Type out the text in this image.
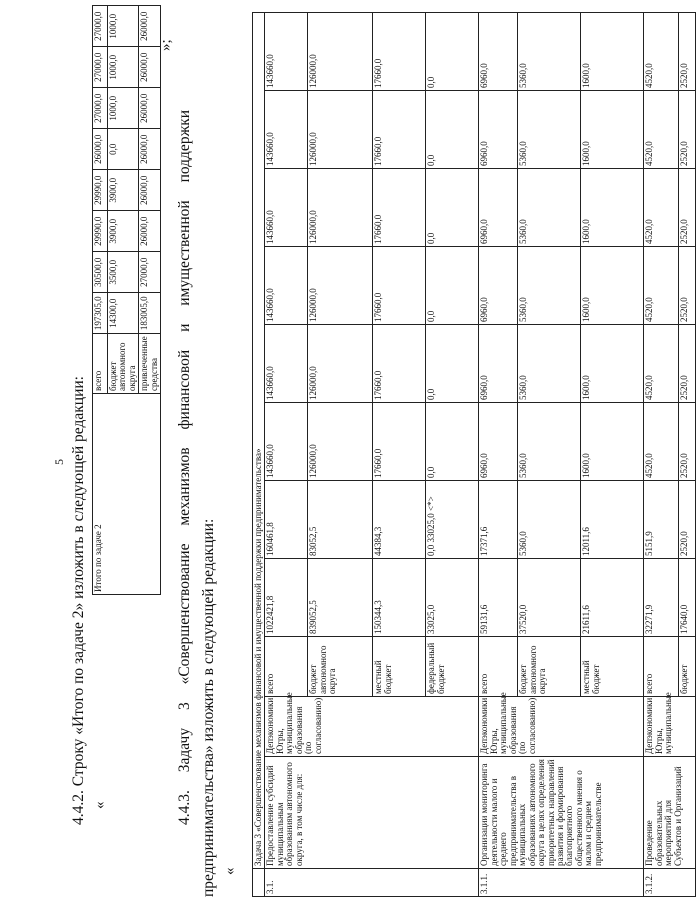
5 4.4.2. Строку «Итого по задаче 2» изложить в следующей редакции: «
Итого по задаче 2	всего	197305,0	30500,0	29990,0	29990,0	26000,0	27000,0	27000,0	27000,0
	бюджет автономного округа	14300,0	3500,0	3900,0	3900,0	0,0	1000,0	1000,0	1000,0
	привлеченные средства	183005,0	27000,0	26000,0	26000,0	26000,0	26000,0	26000,0	26000,0
»;
4.4.3. Задачу 3 «Совершенствование механизмов финансовой и имущественной поддержки предпринимательства» изложить в следующей редакции: «
	Задача 3 «Совершенствование механизмов финансовой и имущественной поддержки предпринимательства»										
3.1.	Предоставление субсидий муниципальным образованиям автономного округа, в том числе для:	Депэкономики Югры, муниципальные образования (по согласованию)	всего	1022421,8	160461,8	143660,0	143660,0	143660,0	143660,0	143660,0	143660,0
			бюджет автономного округа	839052,5	83052,5	126000,0	126000,0	126000,0	126000,0	126000,0	126000,0
			местный бюджет	150344,3	44384,3	17660,0	17660,0	17660,0	17660,0	17660,0	17660,0
			федеральный бюджет	33025,0	0,0 33025,0 <*>	0,0	0,0	0,0	0,0	0,0	0,0
3.1.1.	Организации мониторинга деятельности малого и среднего предпринимательства в муниципальных образованиях автономного округа в целях определения приоритетных направлений развития и формирования благоприятного общественного мнения о малом и среднем предпринимательстве	Депэкономики Югры, муниципальные образования (по согласованию)	всего	59131,6	17371,6	6960,0	6960,0	6960,0	6960,0	6960,0	6960,0
			бюджет автономного округа	37520,0	5360,0	5360,0	5360,0	5360,0	5360,0	5360,0	5360,0
			местный бюджет	21611,6	12011,6	1600,0	1600,0	1600,0	1600,0	1600,0	1600,0
3.1.2.	Проведение образовательных мероприятий для Субъектов и Организаций	Депэкономики Югры, муниципальные	всего	32271,9	5151,9	4520,0	4520,0	4520,0	4520,0	4520,0	4520,0
			бюджет	17640,0	2520,0	2520,0	2520,0	2520,0	2520,0	2520,0	2520,0
